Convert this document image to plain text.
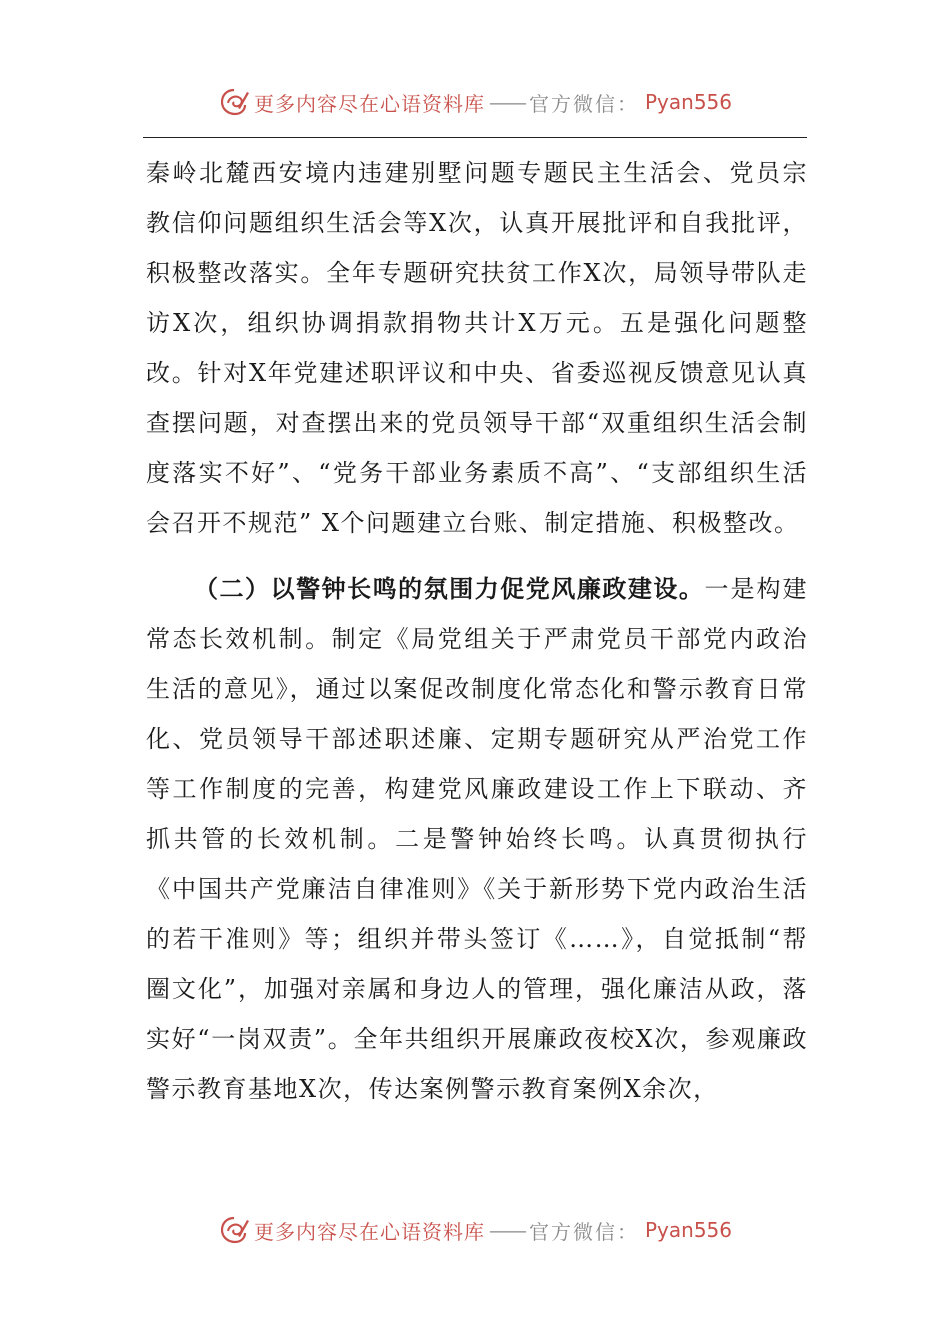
更多内容尽在心语资料库 —— 官方微信： Pyan556

秦岭北麓西安境内违建别墅问题专题民主生活会、党员宗教信仰问题组织生活会等X次，认真开展批评和自我批评，积极整改落实。全年专题研究扶贫工作X次，局领导带队走访X次，组织协调捐款捐物共计X万元。五是强化问题整改。针对X年党建述职评议和中央、省委巡视反馈意见认真查摆问题，对查摆出来的党员领导干部“双重组织生活会制度落实不好”、“党务干部业务素质不高”、“支部组织生活会召开不规范” X个问题建立台账、制定措施、积极整改。

（二）以警钟长鸣的氛围力促党风廉政建设。一是构建常态长效机制。制定《局党组关于严肃党员干部党内政治生活的意见》，通过以案促改制度化常态化和警示教育日常化、党员领导干部述职述廉、定期专题研究从严治党工作等工作制度的完善，构建党风廉政建设工作上下联动、齐抓共管的长效机制。二是警钟始终长鸣。认真贯彻执行《中国共产党廉洁自律准则》《关于新形势下党内政治生活的若干准则》等；组织并带头签订《……》，自觉抵制“帮圈文化”，加强对亲属和身边人的管理，强化廉洁从政，落实好“一岗双责”。全年共组织开展廉政夜校X次，参观廉政警示教育基地X次，传达案例警示教育案例X余次，

更多内容尽在心语资料库 —— 官方微信： Pyan556
